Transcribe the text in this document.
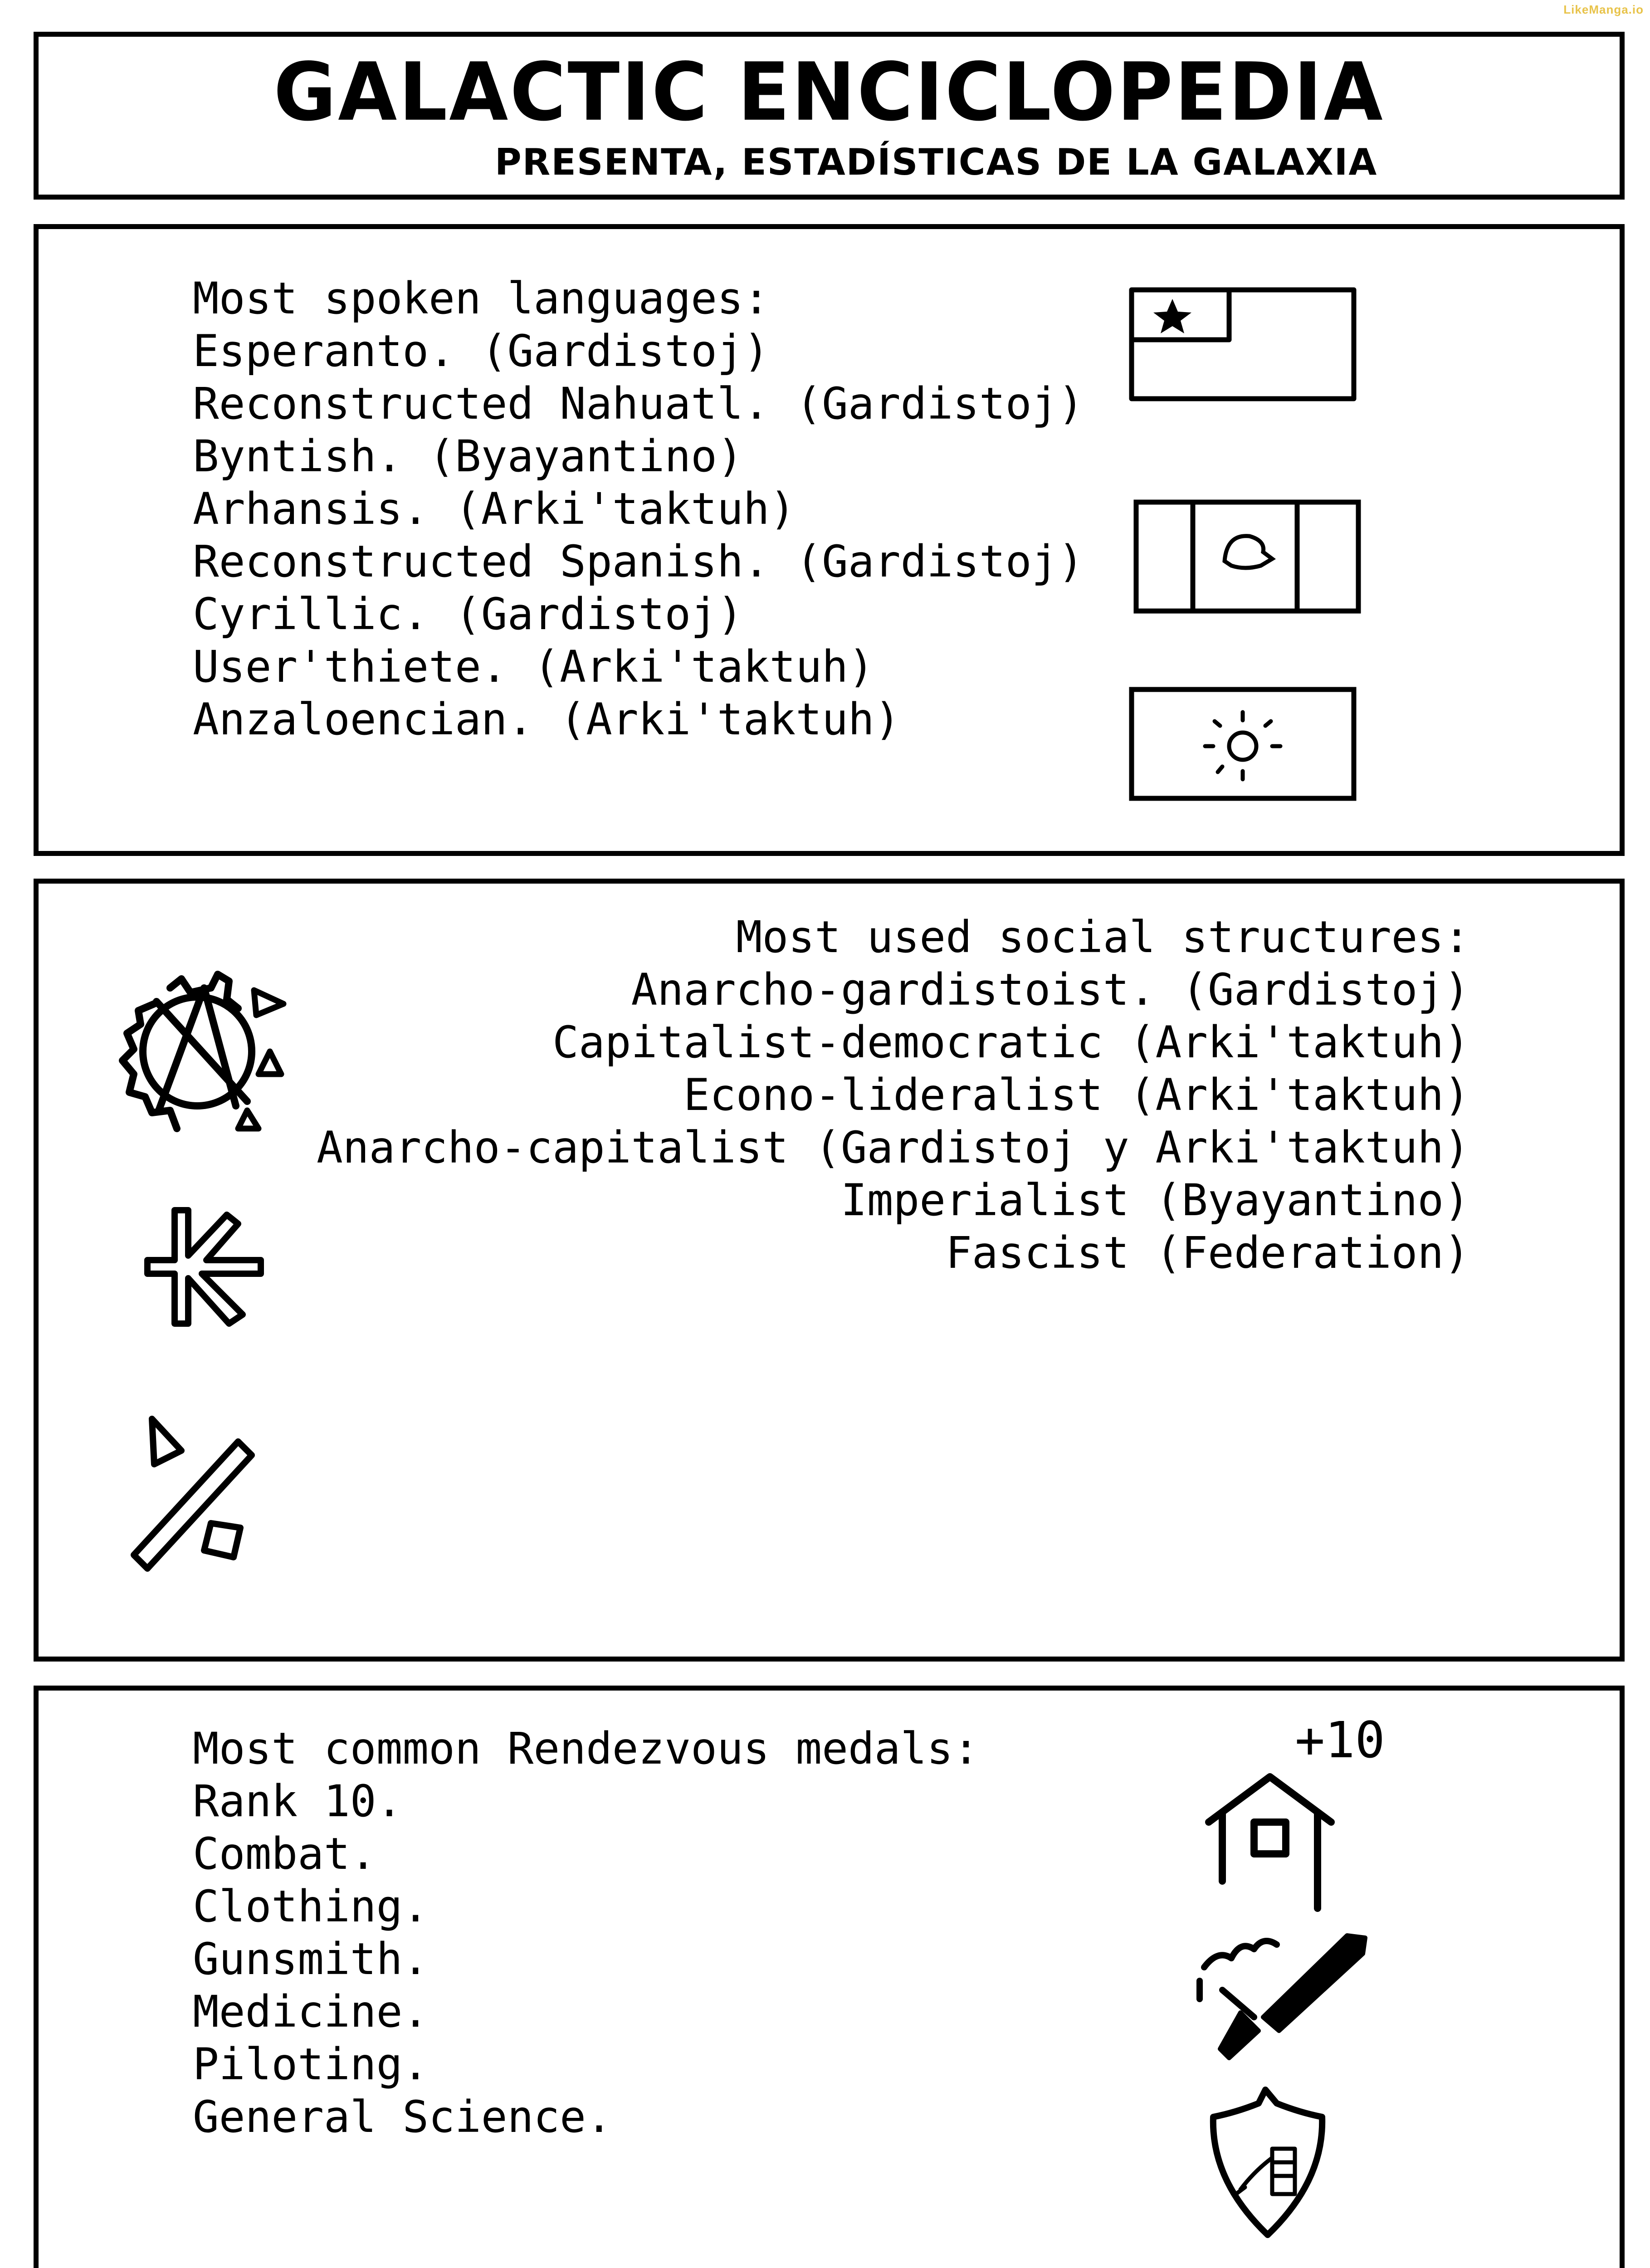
LikeManga.io
GALACTIC ENCICLOPEDIA
PRESENTA, ESTADÍSTICAS DE LA GALAXIA
Most spoken languages:
Esperanto. (Gardistoj)
Reconstructed Nahuatl. (Gardistoj)
Byntish. (Byayantino)
Arhansis. (Arki'taktuh)
Reconstructed Spanish. (Gardistoj)
Cyrillic. (Gardistoj)
User'thiete. (Arki'taktuh)
Anzaloencian. (Arki'taktuh)
Most used social structures:
Anarcho-gardistoist. (Gardistoj)
Capitalist-democratic (Arki'taktuh)
Econo-lideralist (Arki'taktuh)
Anarcho-capitalist (Gardistoj y Arki'taktuh)
Imperialist (Byayantino)
Fascist (Federation)
Most common Rendezvous medals:
Rank 10.
Combat.
Clothing.
Gunsmith.
Medicine.
Piloting.
General Science.
+10
